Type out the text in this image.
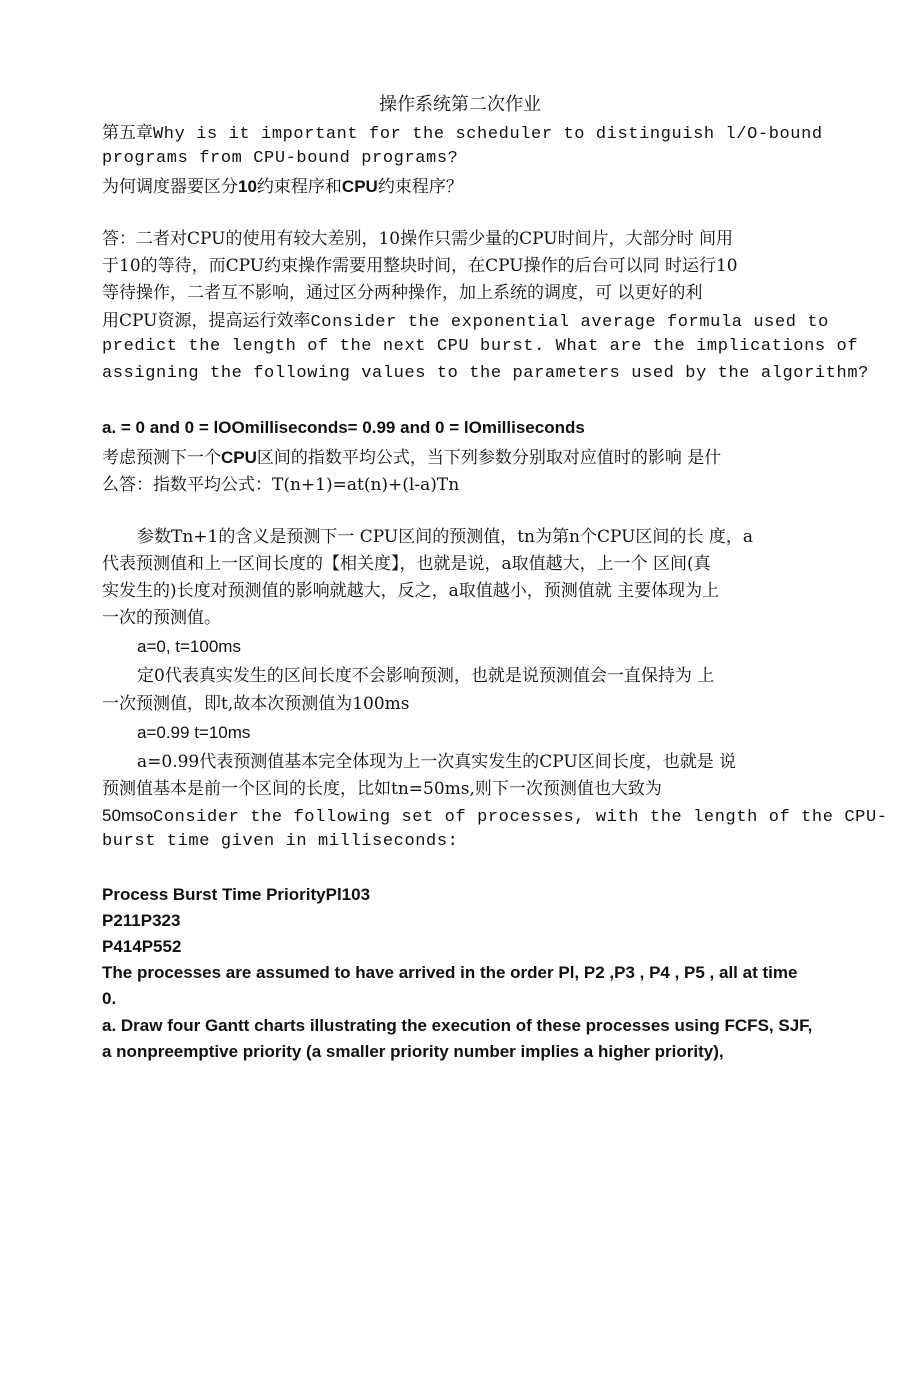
操作系统第二次作业
第五章Why is it important for the scheduler to distinguish l/O-bound
programs from CPU-bound programs?
为何调度器要区分10约束程序和CPU约束程序？
答：二者对CPU的使用有较大差别，10操作只需少量的CPU时间片，大部分时 间用
于10的等待，而CPU约束操作需要用整块时间，在CPU操作的后台可以同 时运行10
等待操作，二者互不影响，通过区分两种操作，加上系统的调度，可 以更好的利
用CPU资源，提高运行效率Consider the exponential average formula used to
predict the length of the next CPU burst. What are the implications of
assigning the following values to the parameters used by the algorithm?
a. = 0 and 0 = lOOmilliseconds= 0.99 and 0 = lOmilliseconds
考虑预测下一个CPU区间的指数平均公式，当下列参数分别取对应值时的影响 是什
么答：指数平均公式：T(n+1)=at(n)+(l-a)Tn
参数Tn+1的含义是预测下一 CPU区间的预测值，tn为第n个CPU区间的长 度，a
代表预测值和上一区间长度的【相关度】，也就是说，a取值越大，上一个 区间(真
实发生的)长度对预测值的影响就越大，反之，a取值越小，预测值就 主要体现为上
一次的预测值。
a=0, t=100ms
定0代表真实发生的区间长度不会影响预测，也就是说预测值会一直保持为 上
一次预测值，即t,故本次预测值为100ms
a=0.99 t=10ms
a=0.99代表预测值基本完全体现为上一次真实发生的CPU区间长度，也就是 说
预测值基本是前一个区间的长度，比如tn=50ms,则下一次预测值也大致为
50msoConsider the following set of processes, with the length of the CPU-
burst time given in milliseconds:
Process Burst Time PriorityPl103
P211P323
P414P552
The processes are assumed to have arrived in the order Pl, P2 ,P3 , P4 , P5 , all at time
0.
a. Draw four Gantt charts illustrating the execution of these processes using FCFS, SJF,
a nonpreemptive priority (a smaller priority number implies a higher priority),
